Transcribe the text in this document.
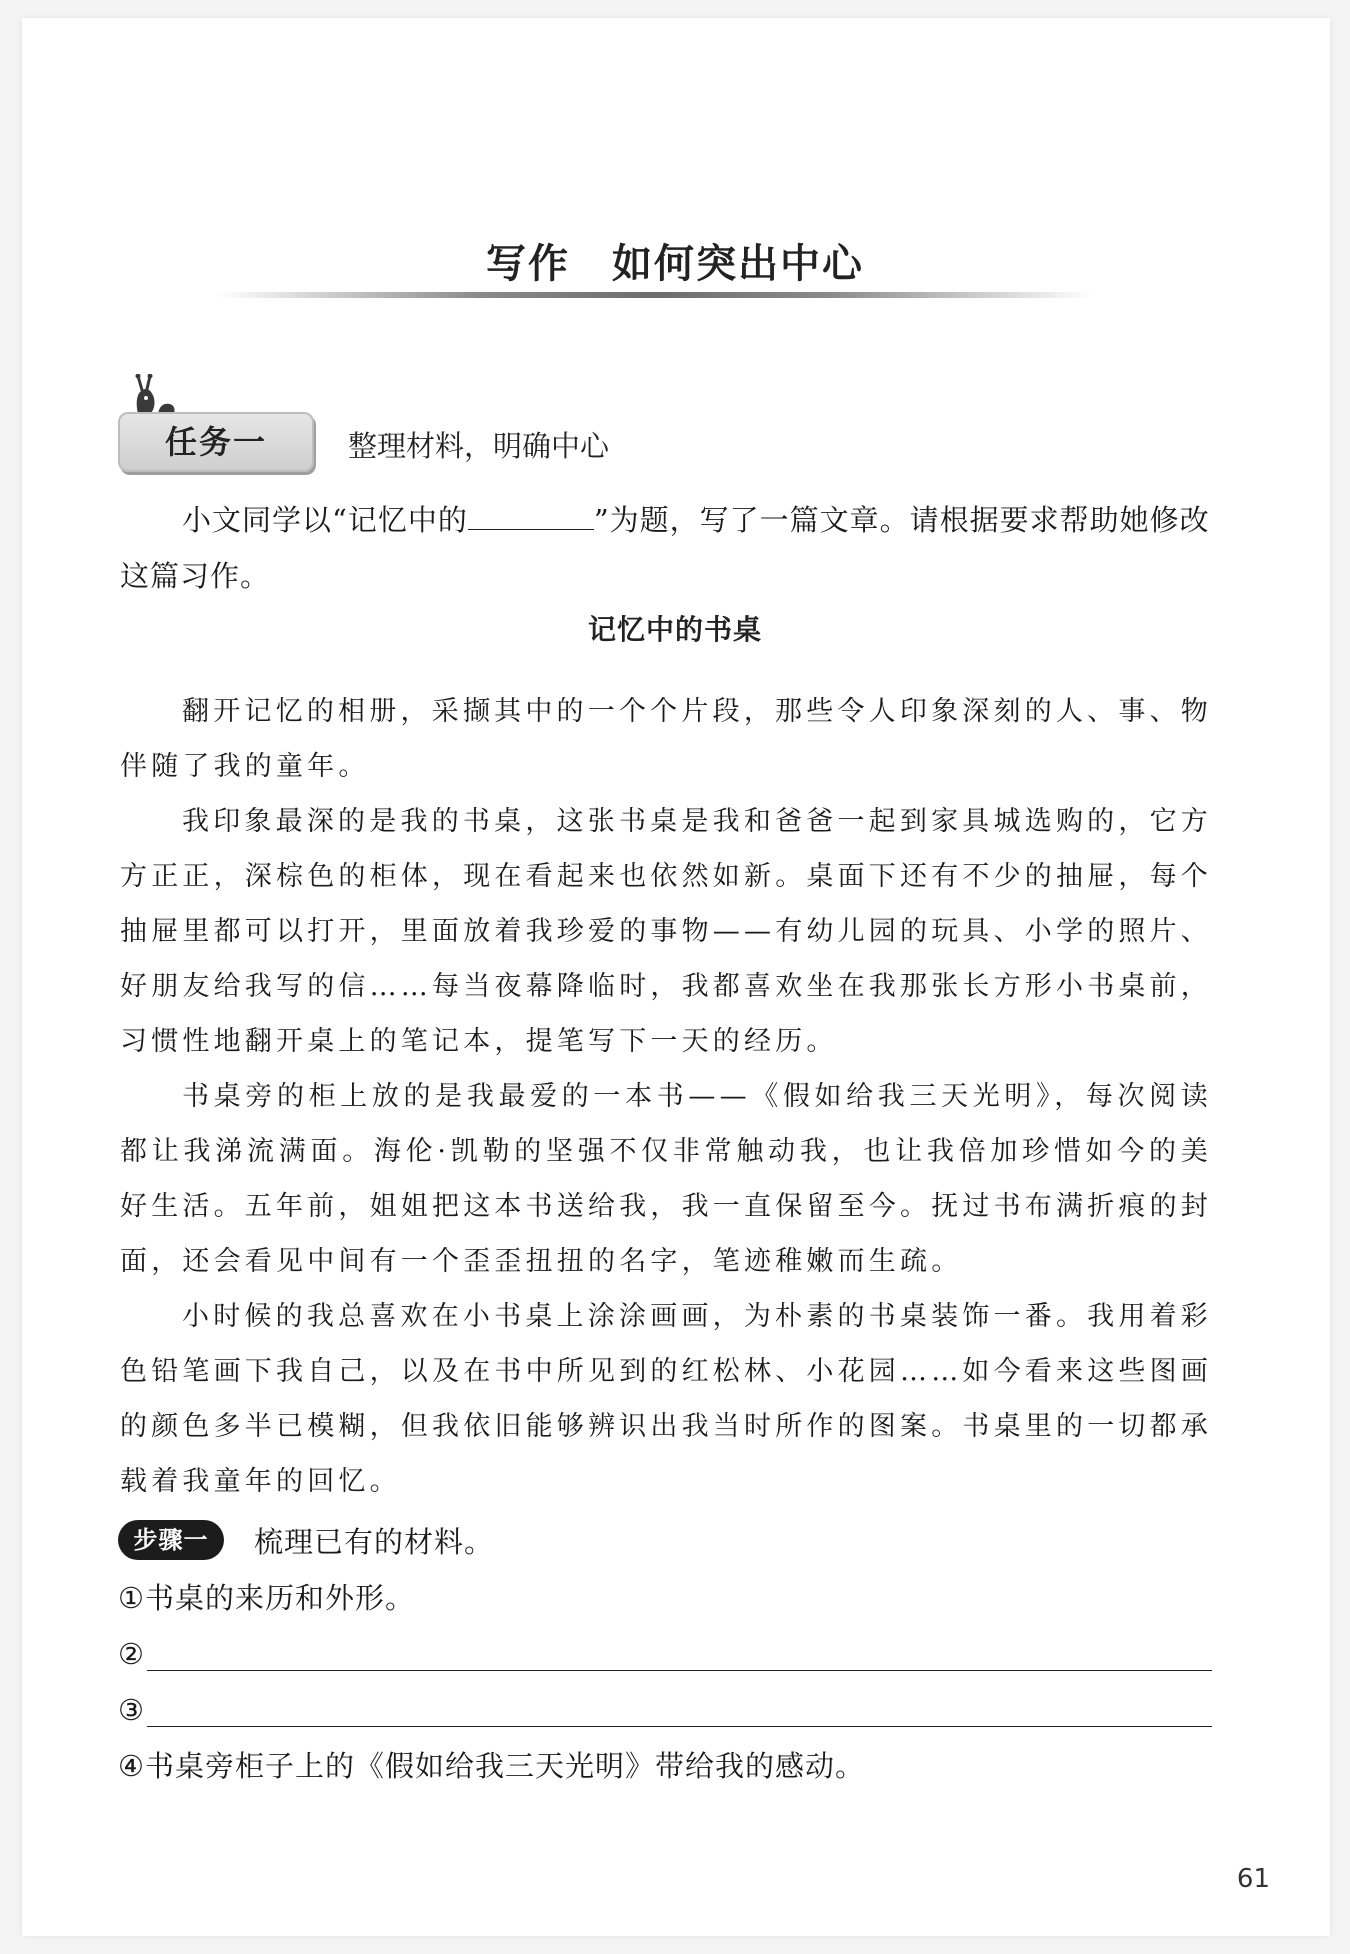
写作　如何突出中心
任务一	整理材料，明确中心

小文同学以“记忆中的	”为题，写了一篇文章。请根据要求帮助她修改这篇习作。

记忆中的书桌

翻开记忆的相册，采撷其中的一个个片段，那些令人印象深刻的人、事、物伴随了我的童年。

我印象最深的是我的书桌，这张书桌是我和爸爸一起到家具城选购的，它方方正正，深棕色的柜体，现在看起来也依然如新。桌面下还有不少的抽屉，每个抽屉里都可以打开，里面放着我珍爱的事物——有幼儿园的玩具、小学的照片、好朋友给我写的信……每当夜幕降临时，我都喜欢坐在我那张长方形小书桌前，习惯性地翻开桌上的笔记本，提笔写下一天的经历。

书桌旁的柜上放的是我最爱的一本书——《假如给我三天光明》，每次阅读都让我涕流满面。海伦·凯勒的坚强不仅非常触动我，也让我倍加珍惜如今的美好生活。五年前，姐姐把这本书送给我，我一直保留至今。抚过书布满折痕的封面，还会看见中间有一个歪歪扭扭的名字，笔迹稚嫩而生疏。

小时候的我总喜欢在小书桌上涂涂画画，为朴素的书桌装饰一番。我用着彩色铅笔画下我自己，以及在书中所见到的红松林、小花园……如今看来这些图画的颜色多半已模糊，但我依旧能够辨识出我当时所作的图案。书桌里的一切都承载着我童年的回忆。

步骤一	梳理已有的材料。
① 书桌的来历和外形。
②
③
④ 书桌旁柜子上的《假如给我三天光明》带给我的感动。
61
